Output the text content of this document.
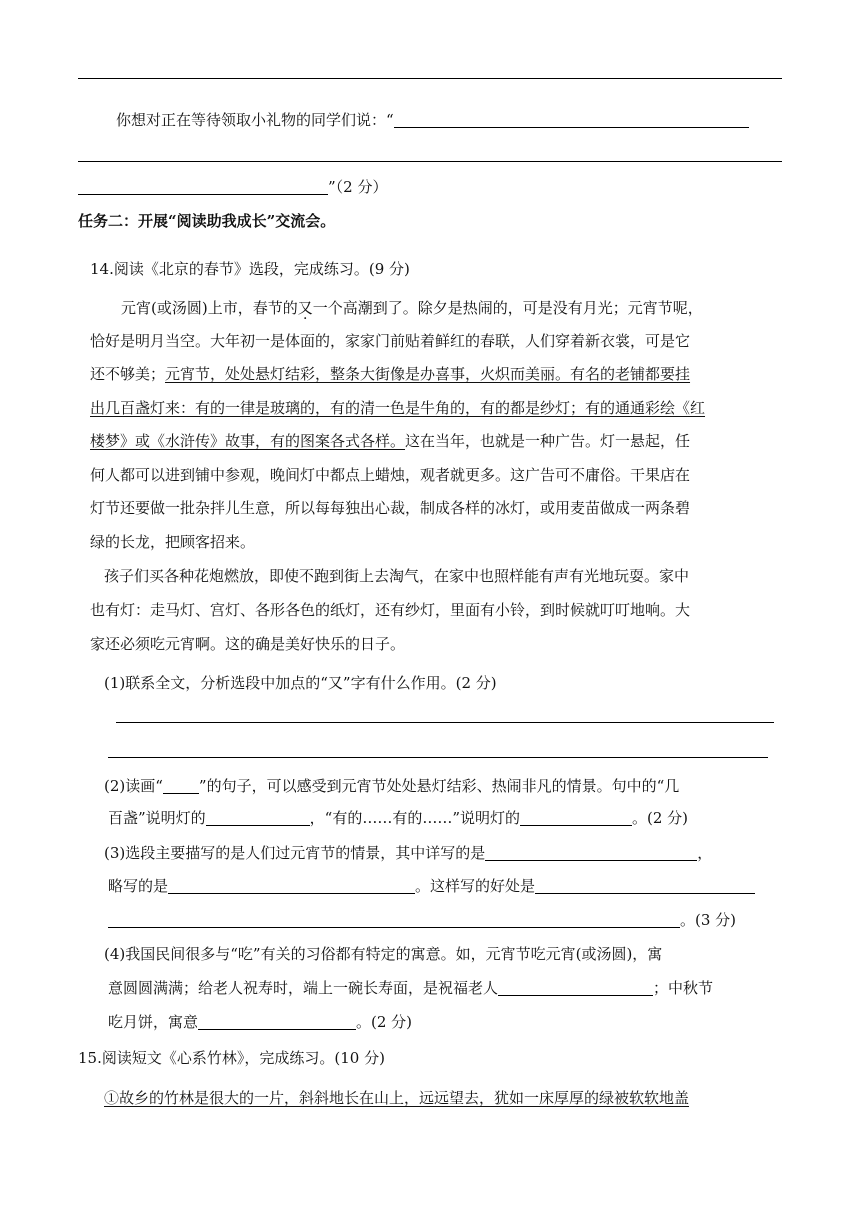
你想对正在等待领取小礼物的同学们说：“
”（2 分）
任务二：开展“阅读助我成长”交流会。
14.阅读《北京的春节》选段，完成练习。(9 分)
元宵(或汤圆)上市，春节的又一个高潮到了。除夕是热闹的，可是没有月光；元宵节呢，
恰好是明月当空。大年初一是体面的，家家门前贴着鲜红的春联，人们穿着新衣裳，可是它
还不够美；元宵节，处处悬灯结彩，整条大街像是办喜事，火炽而美丽。有名的老铺都要挂
出几百盏灯来：有的一律是玻璃的，有的清一色是牛角的，有的都是纱灯；有的通通彩绘《红
楼梦》或《水浒传》故事，有的图案各式各样。这在当年，也就是一种广告。灯一悬起，任
何人都可以进到铺中参观，晚间灯中都点上蜡烛，观者就更多。这广告可不庸俗。干果店在
灯节还要做一批杂拌儿生意，所以每每独出心裁，制成各样的冰灯，或用麦苗做成一两条碧
绿的长龙，把顾客招来。
孩子们买各种花炮燃放，即使不跑到街上去淘气，在家中也照样能有声有光地玩耍。家中
也有灯：走马灯、宫灯、各形各色的纸灯，还有纱灯，里面有小铃，到时候就叮叮地响。大
家还必须吃元宵啊。这的确是美好快乐的日子。
(1)联系全文，分析选段中加点的“又”字有什么作用。(2 分)
(2)读画“ ”的句子，可以感受到元宵节处处悬灯结彩、热闹非凡的情景。句中的“几
百盏”说明灯的	，“有的……有的……”说明灯的	。(2 分)
(3)选段主要描写的是人们过元宵节的情景，其中详写的是	，
略写的是	。这样写的好处是
。(3 分)
(4)我国民间很多与“吃”有关的习俗都有特定的寓意。如，元宵节吃元宵(或汤圆)，寓
意圆圆满满；给老人祝寿时，端上一碗长寿面，是祝福老人	；中秋节
吃月饼，寓意	。(2 分)
15.阅读短文《心系竹林》，完成练习。(10 分)
①故乡的竹林是很大的一片，斜斜地长在山上，远远望去，犹如一床厚厚的绿被软软地盖
